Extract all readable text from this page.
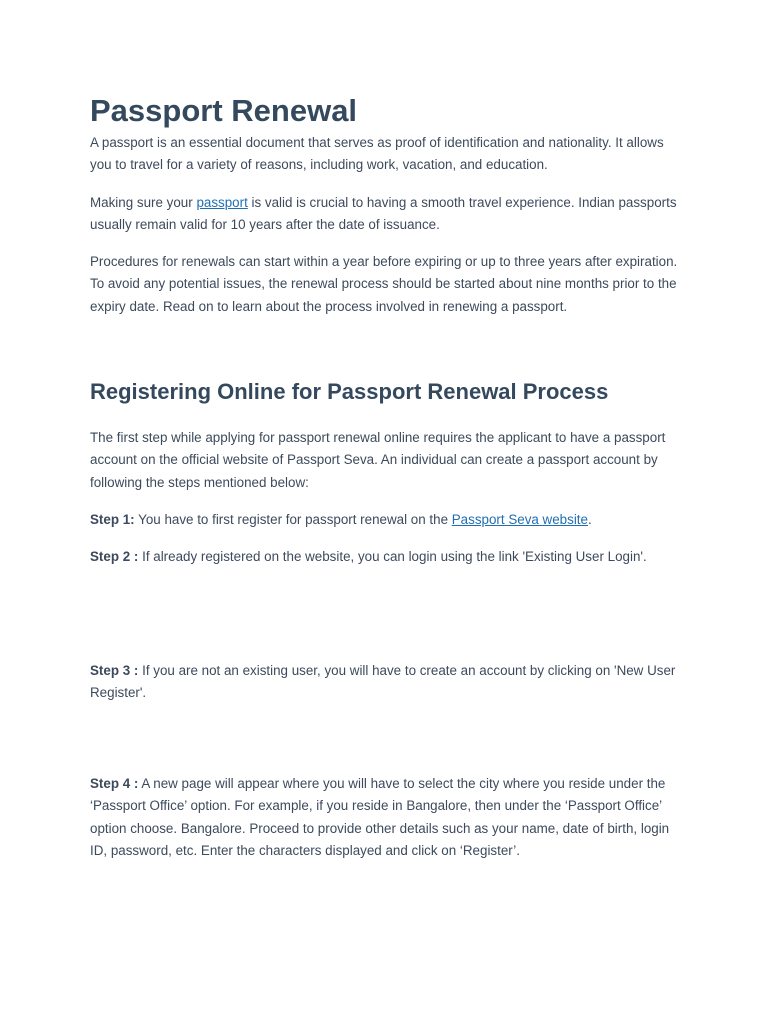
Passport Renewal

A passport is an essential document that serves as proof of identification and nationality. It allows you to travel for a variety of reasons, including work, vacation, and education.

Making sure your passport is valid is crucial to having a smooth travel experience. Indian passports usually remain valid for 10 years after the date of issuance.

Procedures for renewals can start within a year before expiring or up to three years after expiration. To avoid any potential issues, the renewal process should be started about nine months prior to the expiry date. Read on to learn about the process involved in renewing a passport.

Registering Online for Passport Renewal Process

The first step while applying for passport renewal online requires the applicant to have a passport account on the official website of Passport Seva. An individual can create a passport account by following the steps mentioned below:

Step 1: You have to first register for passport renewal on the Passport Seva website.

Step 2 : If already registered on the website, you can login using the link 'Existing User Login'.

Step 3 : If you are not an existing user, you will have to create an account by clicking on 'New User Register'.

Step 4 : A new page will appear where you will have to select the city where you reside under the ‘Passport Office’ option. For example, if you reside in Bangalore, then under the ‘Passport Office’ option choose. Bangalore. Proceed to provide other details such as your name, date of birth, login ID, password, etc. Enter the characters displayed and click on ‘Register’.
